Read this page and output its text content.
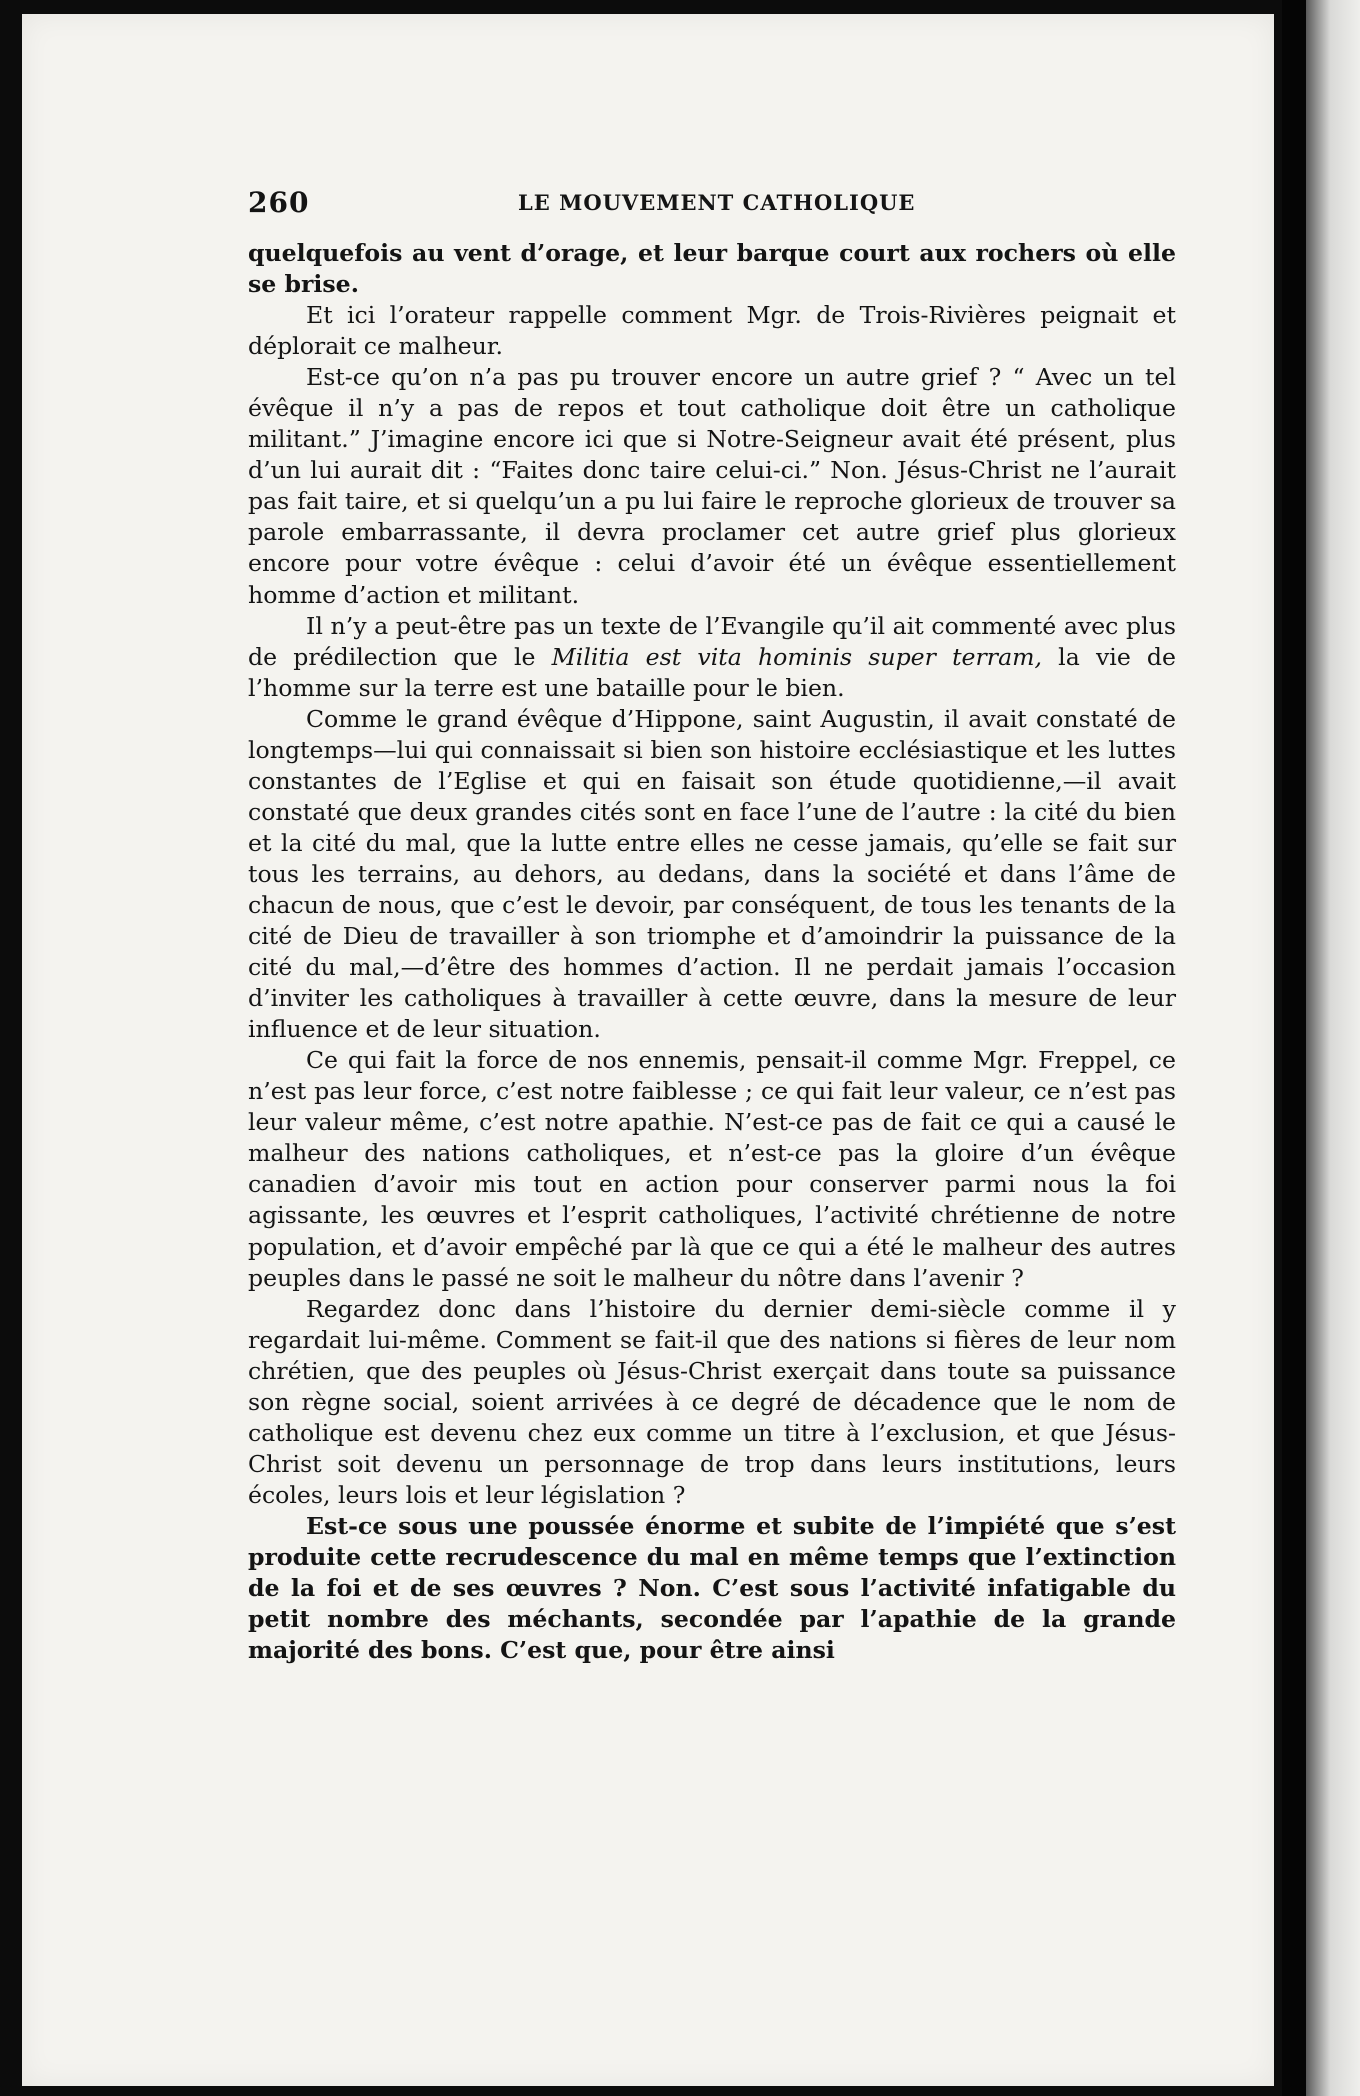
260	LE MOUVEMENT CATHOLIQUE

quelquefois au vent d’orage, et leur barque court aux rochers où elle se brise.

Et ici l’orateur rappelle comment Mgr. de Trois-Rivières peignait et déplorait ce malheur.

Est-ce qu’on n’a pas pu trouver encore un autre grief ? “ Avec un tel évêque il n’y a pas de repos et tout catholique doit être un catholique militant.” J’imagine encore ici que si Notre-Seigneur avait été présent, plus d’un lui aurait dit : “Faites donc taire celui-ci.” Non. Jésus-Christ ne l’aurait pas fait taire, et si quelqu’un a pu lui faire le reproche glorieux de trouver sa parole embarrassante, il devra proclamer cet autre grief plus glorieux encore pour votre évêque : celui d’avoir été un évêque essentiellement homme d’action et militant.

Il n’y a peut-être pas un texte de l’Evangile qu’il ait commenté avec plus de prédilection que le Militia est vita hominis super terram, la vie de l’homme sur la terre est une bataille pour le bien.

Comme le grand évêque d’Hippone, saint Augustin, il avait constaté de longtemps—lui qui connaissait si bien son histoire ecclésiastique et les luttes constantes de l’Eglise et qui en faisait son étude quotidienne,—il avait constaté que deux grandes cités sont en face l’une de l’autre : la cité du bien et la cité du mal, que la lutte entre elles ne cesse jamais, qu’elle se fait sur tous les terrains, au dehors, au dedans, dans la société et dans l’âme de chacun de nous, que c’est le devoir, par conséquent, de tous les tenants de la cité de Dieu de travailler à son triomphe et d’amoindrir la puissance de la cité du mal,—d’être des hommes d’action. Il ne perdait jamais l’occasion d’inviter les catholiques à travailler à cette œuvre, dans la mesure de leur influence et de leur situation.

Ce qui fait la force de nos ennemis, pensait-il comme Mgr. Freppel, ce n’est pas leur force, c’est notre faiblesse ; ce qui fait leur valeur, ce n’est pas leur valeur même, c’est notre apathie. N’est-ce pas de fait ce qui a causé le malheur des nations catholiques, et n’est-ce pas la gloire d’un évêque canadien d’avoir mis tout en action pour conserver parmi nous la foi agissante, les œuvres et l’esprit catholiques, l’activité chrétienne de notre population, et d’avoir empêché par là que ce qui a été le malheur des autres peuples dans le passé ne soit le malheur du nôtre dans l’avenir ?

Regardez donc dans l’histoire du dernier demi-siècle comme il y regardait lui-même. Comment se fait-il que des nations si fières de leur nom chrétien, que des peuples où Jésus-Christ exerçait dans toute sa puissance son règne social, soient arrivées à ce degré de décadence que le nom de catholique est devenu chez eux comme un titre à l’exclusion, et que Jésus-Christ soit devenu un personnage de trop dans leurs institutions, leurs écoles, leurs lois et leur législation ?

Est-ce sous une poussée énorme et subite de l’impiété que s’est produite cette recrudescence du mal en même temps que l’extinction de la foi et de ses œuvres ? Non. C’est sous l’activité infatigable du petit nombre des méchants, secondée par l’apathie de la grande majorité des bons. C’est que, pour être ainsi
